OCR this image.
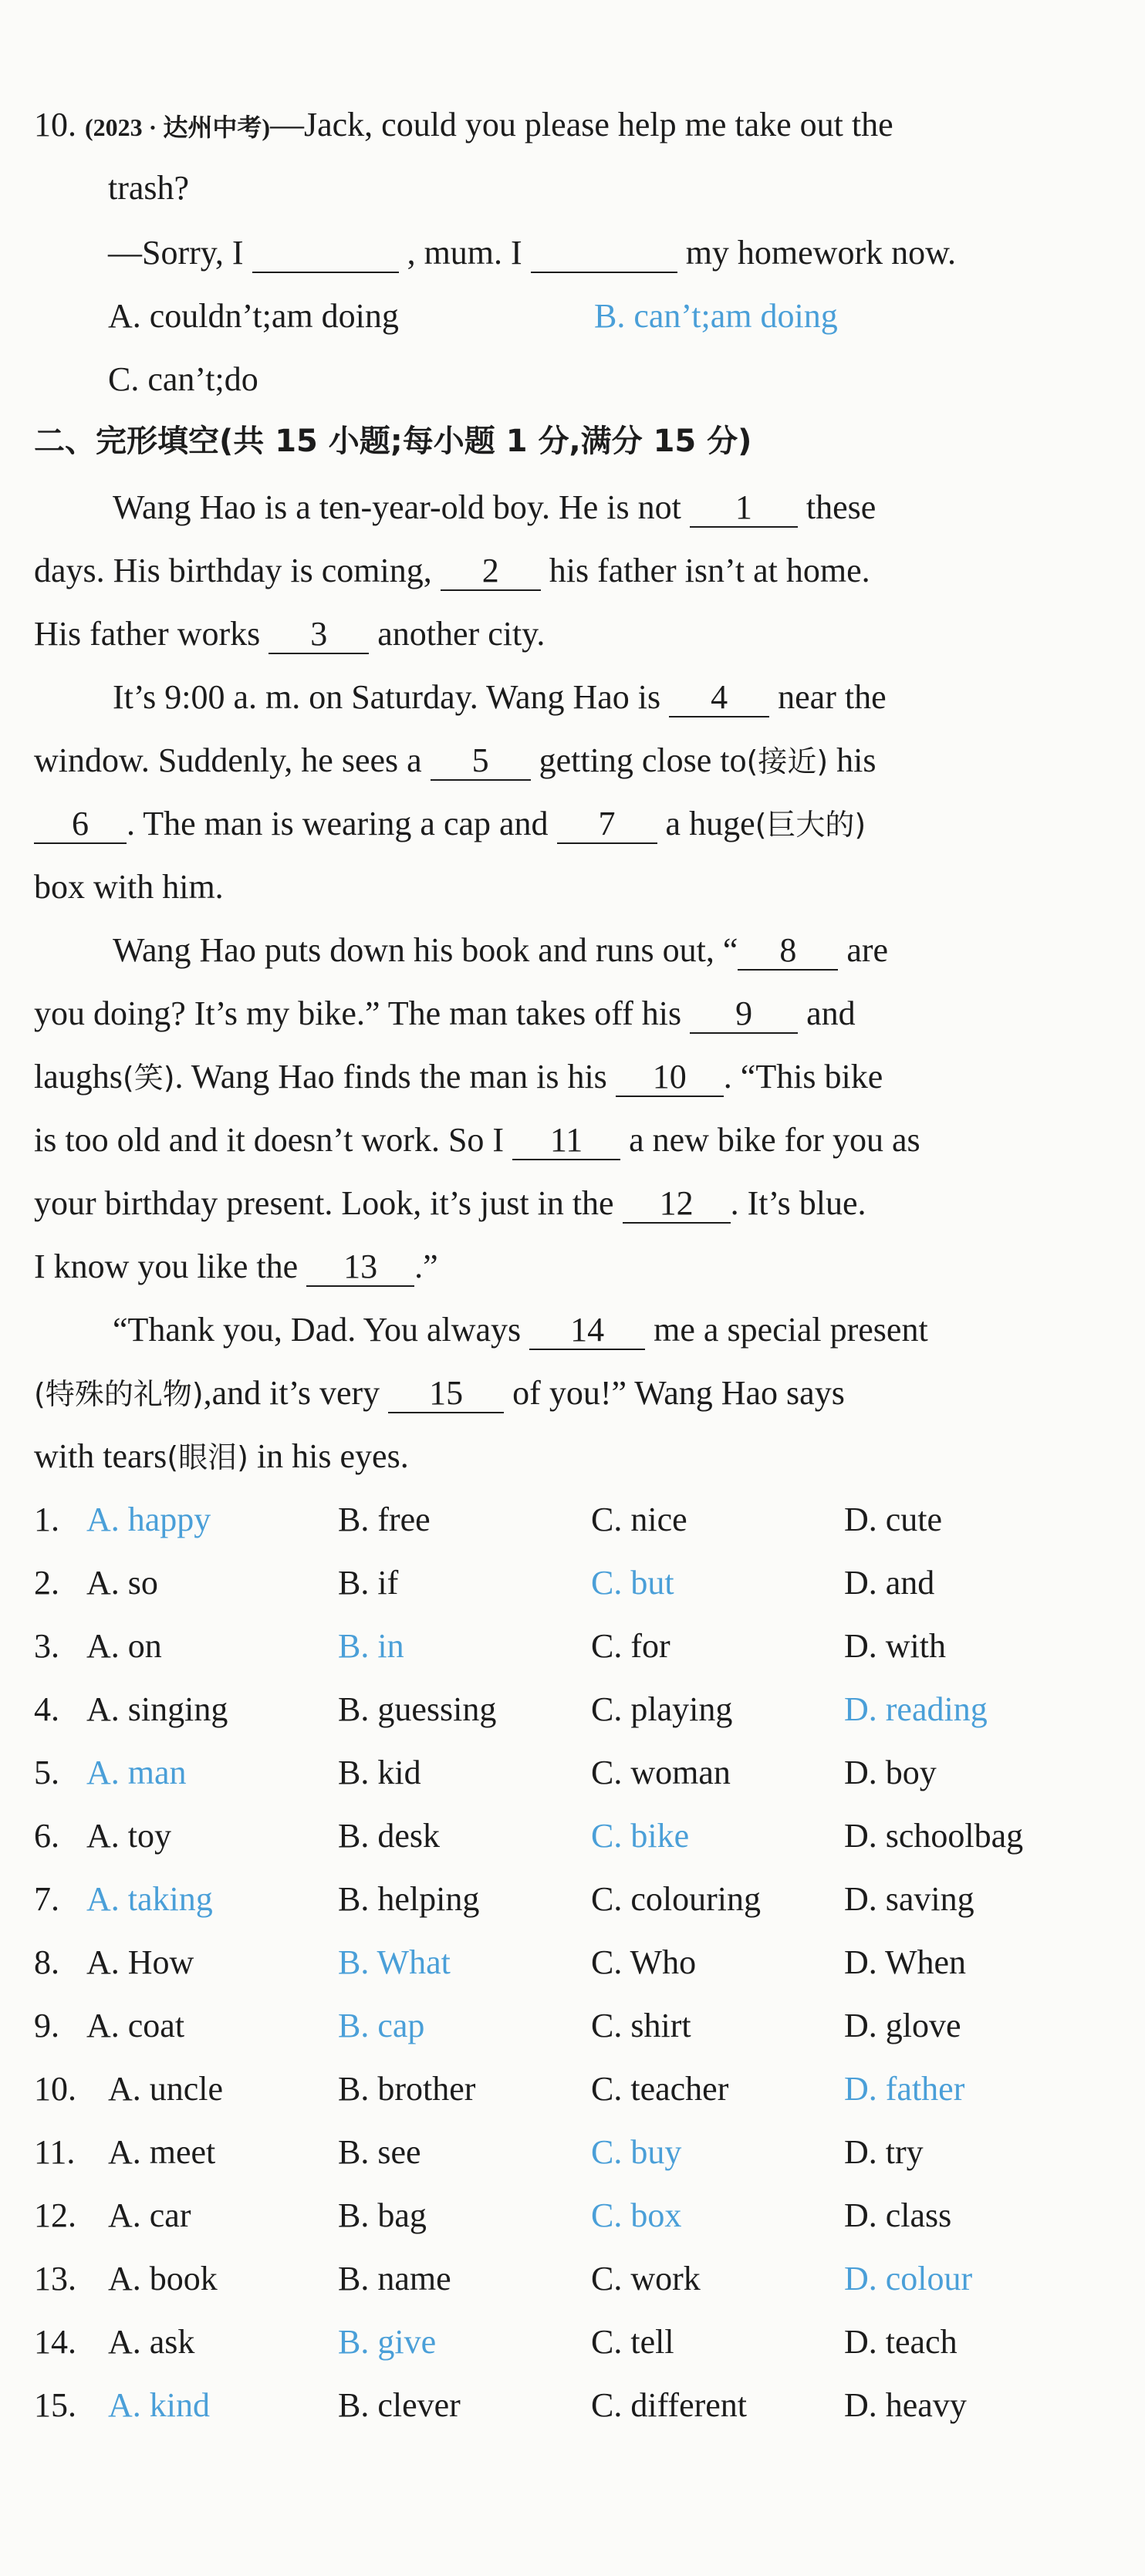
10. (2023 · 达州中考)—Jack, could you please help me take out the
trash?
—Sorry, I	, mum. I	my homework now.
A. couldn’t;am doing	B. can’t;am doing
C. can’t;do
二、完形填空(共 15 小题;每小题 1 分,满分 15 分)
Wang Hao is a ten-year-old boy. He is not 1 these
days. His birthday is coming, 2 his father isn’t at home.
His father works 3 another city.
It’s 9:00 a. m. on Saturday. Wang Hao is 4 near the
window. Suddenly, he sees a 5 getting close to(接近) his
6 . The man is wearing a cap and 7 a huge(巨大的)
box with him.
Wang Hao puts down his book and runs out, “ 8 are
you doing? It’s my bike.” The man takes off his 9 and
laughs(笑). Wang Hao finds the man is his 10 . “This bike
is too old and it doesn’t work. So I 11 a new bike for you as
your birthday present. Look, it’s just in the 12 . It’s blue.
I know you like the 13 .”
“Thank you, Dad. You always 14 me a special present
(特殊的礼物),and it’s very 15 of you!” Wang Hao says
with tears(眼泪) in his eyes.
1. A. happy	B. free	C. nice	D. cute
2. A. so	B. if	C. but	D. and
3. A. on	B. in	C. for	D. with
4. A. singing	B. guessing	C. playing	D. reading
5. A. man	B. kid	C. woman	D. boy
6. A. toy	B. desk	C. bike	D. schoolbag
7. A. taking	B. helping	C. colouring D. saving
8. A. How	B. What	C. Who	D. When
9. A. coat	B. cap	C. shirt	D. glove
10. A. uncle	B. brother	C. teacher	D. father
11. A. meet	B. see	C. buy	D. try
12. A. car	B. bag	C. box	D. class
13. A. book	B. name	C. work	D. colour
14. A. ask	B. give	C. tell	D. teach
15. A. kind	B. clever	C. different	D. heavy
